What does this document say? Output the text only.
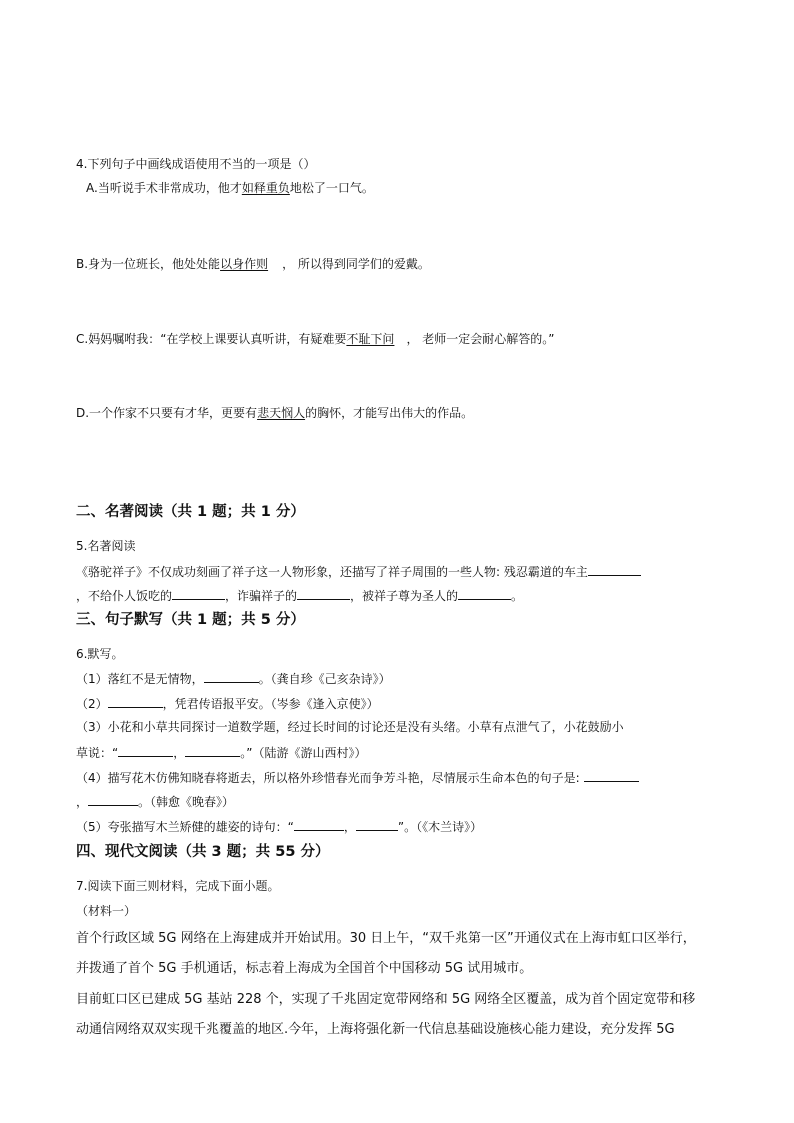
4.下列句子中画线成语使用不当的一项是（）
A.当听说手术非常成功，他才如释重负地松了一口气。
B.身为一位班长，他处处能以身作则 ， 所以得到同学们的爱戴。
C.妈妈嘱咐我：“在学校上课要认真听讲，有疑难要不耻下问 ， 老师一定会耐心解答的。”
D.一个作家不只要有才华，更要有悲天悯人的胸怀，才能写出伟大的作品。
二、名著阅读（共 1 题；共 1 分）
5.名著阅读
《骆驼祥子》不仅成功刻画了祥子这一人物形象，还描写了祥子周围的一些人物: 残忍霸道的车主
，不给仆人饭吃的	，诈骗祥子的	，被祥子尊为圣人的	。
三、句子默写（共 1 题；共 5 分）
6.默写。
（1）落红不是无情物，	。（龚自珍《己亥杂诗》）
（2）	，凭君传语报平安。（岑参《逢入京使》）
（3）小花和小草共同探讨一道数学题，经过长时间的讨论还是没有头绪。小草有点泄气了，小花鼓励小
草说：“	，	。”（陆游《游山西村》）
（4）描写花木仿佛知晓春将逝去，所以格外珍惜春光而争芳斗艳，尽情展示生命本色的句子是:
，	。（韩愈《晚春》）
（5）夸张描写木兰矫健的雄姿的诗句：“	，	”。（《木兰诗》）
四、现代文阅读（共 3 题；共 55 分）
7.阅读下面三则材料，完成下面小题。
（材料一）
首个行政区域 5G 网络在上海建成并开始试用。30 日上午，“双千兆第一区”开通仪式在上海市虹口区举行，
并拨通了首个 5G 手机通话，标志着上海成为全国首个中国移动 5G 试用城市。
目前虹口区已建成 5G 基站 228 个，实现了千兆固定宽带网络和 5G 网络全区覆盖，成为首个固定宽带和移
动通信网络双双实现千兆覆盖的地区.今年，上海将强化新一代信息基础设施核心能力建设，充分发挥 5G
